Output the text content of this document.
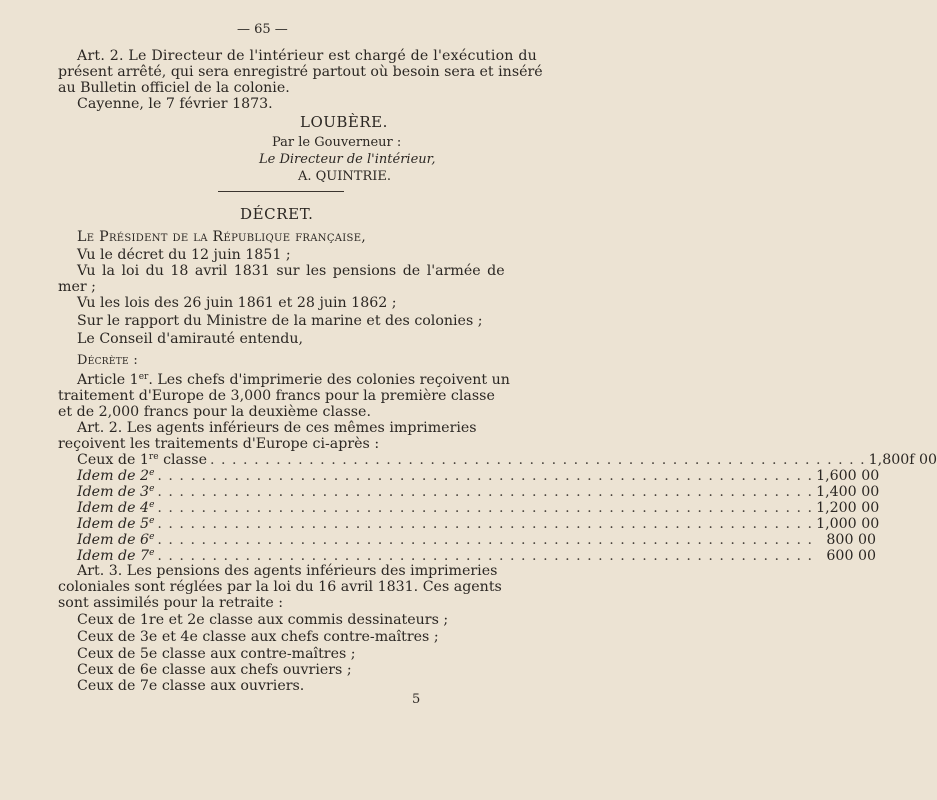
— 65 —
Art. 2. Le Directeur de l'intérieur est chargé de l'exécution du
présent arrêté, qui sera enregistré partout où besoin sera et inséré
au Bulletin officiel de la colonie.
Cayenne, le 7 février 1873.
LOUBÈRE.
Par le Gouverneur :
Le Directeur de l'intérieur,
A. QUINTRIE.
DÉCRET.
Le Président de la République française,
Vu le décret du 12 juin 1851 ;
Vu la loi du 18 avril 1831 sur les pensions de l'armée de
mer ;
Vu les lois des 26 juin 1861 et 28 juin 1862 ;
Sur le rapport du Ministre de la marine et des colonies ;
Le Conseil d'amirauté entendu,
Décrète :
Article 1er. Les chefs d'imprimerie des colonies reçoivent un
traitement d'Europe de 3,000 francs pour la première classe
et de 2,000 francs pour la deuxième classe.
Art. 2. Les agents inférieurs de ces mêmes imprimeries
reçoivent les traitements d'Europe ci-après :
Ceux de 1re classe . . . . . . . . . . . . . . . . . . . . . . . . . . . . . . . . . . . . . . . . . . . . . . . . . . . . . . . . . . . . 1,800f 00
Idem de 2e . . . . . . . . . . . . . . . . . . . . . . . . . . . . . . . . . . . . . . . . . . . . . . . . . . . . . . . . . . . . 1,600 00
Idem de 3e . . . . . . . . . . . . . . . . . . . . . . . . . . . . . . . . . . . . . . . . . . . . . . . . . . . . . . . . . . . . 1,400 00
Idem de 4e . . . . . . . . . . . . . . . . . . . . . . . . . . . . . . . . . . . . . . . . . . . . . . . . . . . . . . . . . . . . 1,200 00
Idem de 5e . . . . . . . . . . . . . . . . . . . . . . . . . . . . . . . . . . . . . . . . . . . . . . . . . . . . . . . . . . . . 1,000 00
Idem de 6e . . . . . . . . . . . . . . . . . . . . . . . . . . . . . . . . . . . . . . . . . . . . . . . . . . . . . . . . . . . . 800 00
Idem de 7e . . . . . . . . . . . . . . . . . . . . . . . . . . . . . . . . . . . . . . . . . . . . . . . . . . . . . . . . . . . . 600 00
Art. 3. Les pensions des agents inférieurs des imprimeries
coloniales sont réglées par la loi du 16 avril 1831. Ces agents
sont assimilés pour la retraite :
Ceux de 1re et 2e classe aux commis dessinateurs ;
Ceux de 3e et 4e classe aux chefs contre-maîtres ;
Ceux de 5e classe aux contre-maîtres ;
Ceux de 6e classe aux chefs ouvriers ;
Ceux de 7e classe aux ouvriers.
5
